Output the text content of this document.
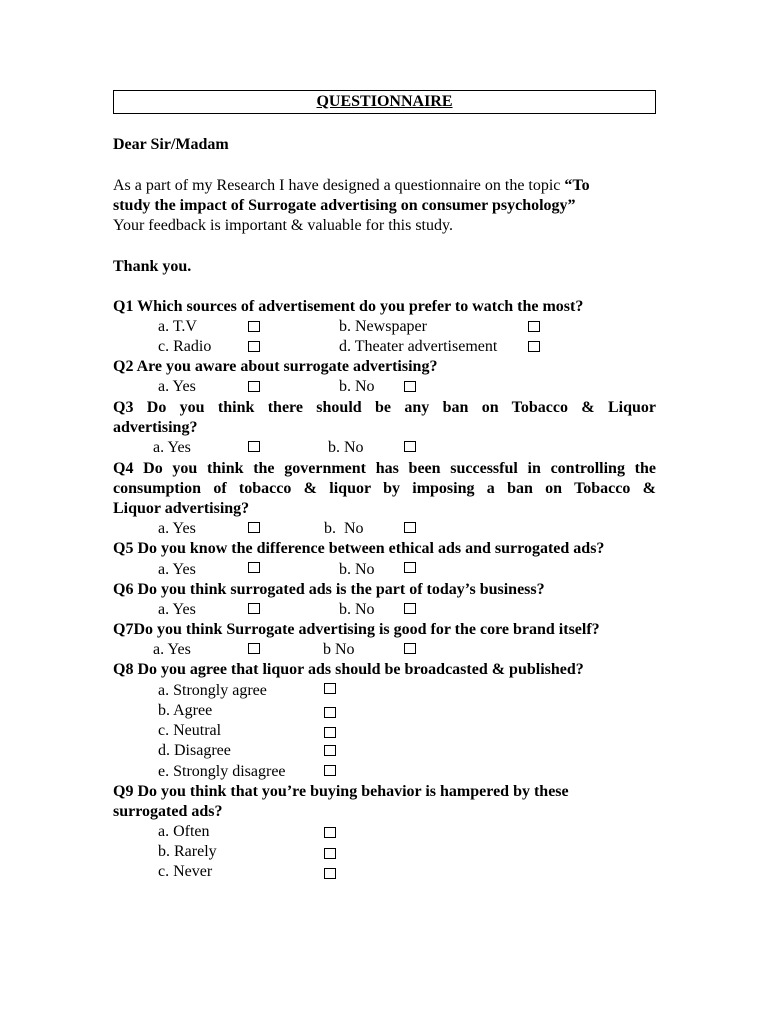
QUESTIONNAIRE
Dear Sir/Madam
As a part of my Research I have designed a questionnaire on the topic “To
study the impact of Surrogate advertising on consumer psychology”
Your feedback is important & valuable for this study.
Thank you.
Q1 Which sources of advertisement do you prefer to watch the most?
a. T.V	b. Newspaper
c. Radio	d. Theater advertisement
Q2 Are you aware about surrogate advertising?
a. Yes	b. No
Q3 Do you think there should be any ban on Tobacco & Liquor
advertising?
a. Yes	b. No
Q4 Do you think the government has been successful in controlling the
consumption of tobacco & liquor by imposing a ban on Tobacco &
Liquor advertising?
a. Yes	b.  No
Q5 Do you know the difference between ethical ads and surrogated ads?
a. Yes	b. No
Q6 Do you think surrogated ads is the part of today’s business?
a. Yes	b. No
Q7Do you think Surrogate advertising is good for the core brand itself?
a. Yes	b No
Q8 Do you agree that liquor ads should be broadcasted & published?
a. Strongly agree
b. Agree
c. Neutral
d. Disagree
e. Strongly disagree
Q9 Do you think that you’re buying behavior is hampered by these
surrogated ads?
a. Often
b. Rarely
c. Never
